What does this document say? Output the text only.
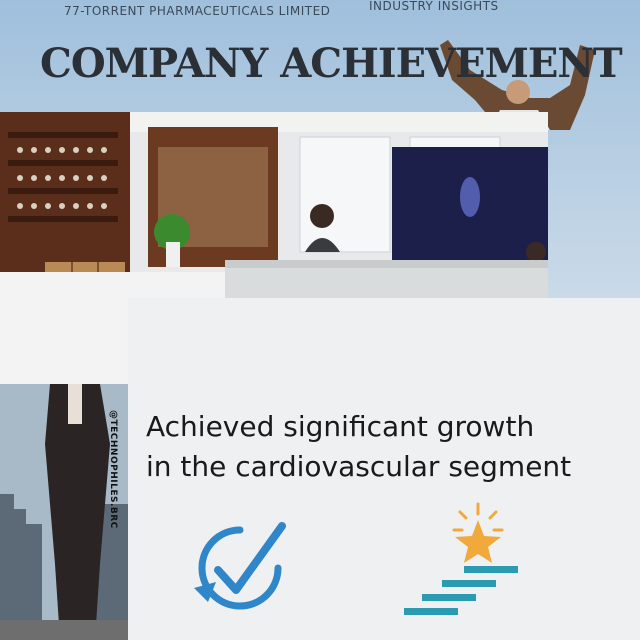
77-TORRENT PHARMACEUTICALS LIMITED	INDUSTRY INSIGHTS
COMPANY ACHIEVEMENT
@TECHNOPHILES.BRC Achieved significant growth
in the cardiovascular segment
